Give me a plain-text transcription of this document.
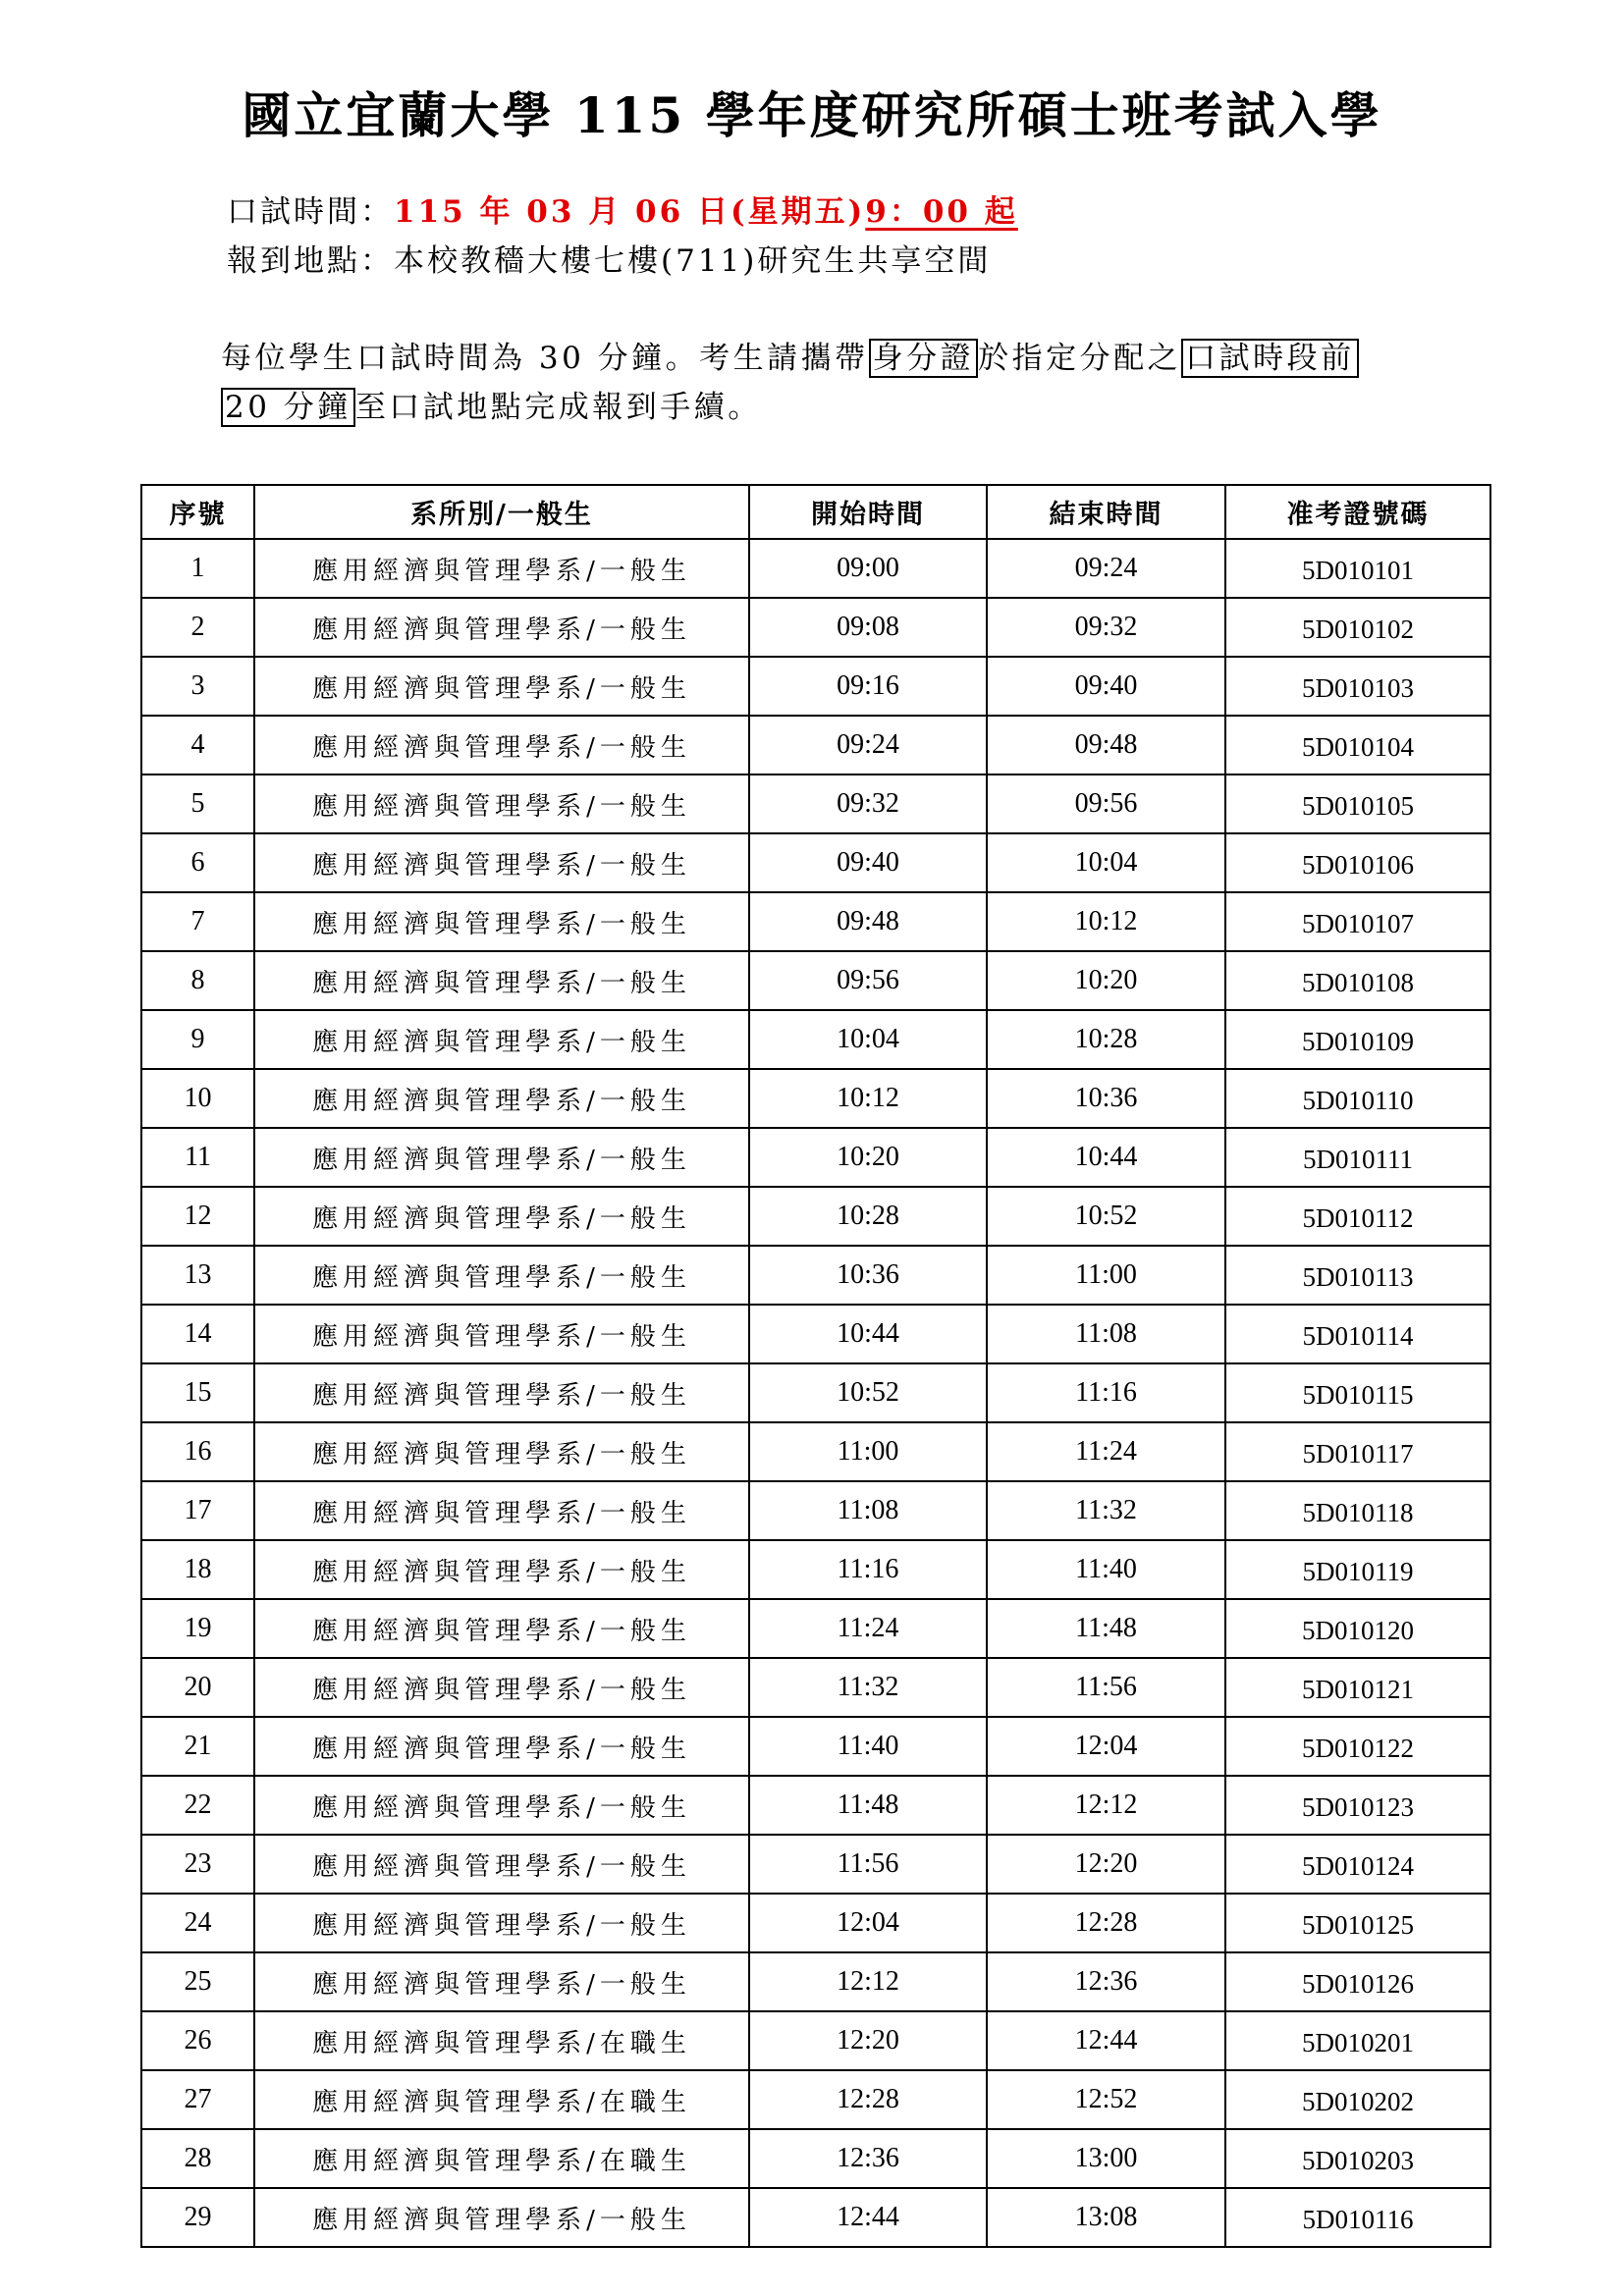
國立宜蘭大學 115 學年度研究所碩士班考試入學
口試時間：115 年 03 月 06 日(星期五)9：00 起
報到地點：本校教穡大樓七樓(711)研究生共享空間
每位學生口試時間為 30 分鐘。考生請攜帶 身分證 於指定分配之 口試時段前
20 分鐘 至口試地點完成報到手續。
序號	系所別/一般生	開始時間	結束時間	准考證號碼
1	應用經濟與管理學系/一般生	09:00	09:24	5D010101
2	應用經濟與管理學系/一般生	09:08	09:32	5D010102
3	應用經濟與管理學系/一般生	09:16	09:40	5D010103
4	應用經濟與管理學系/一般生	09:24	09:48	5D010104
5	應用經濟與管理學系/一般生	09:32	09:56	5D010105
6	應用經濟與管理學系/一般生	09:40	10:04	5D010106
7	應用經濟與管理學系/一般生	09:48	10:12	5D010107
8	應用經濟與管理學系/一般生	09:56	10:20	5D010108
9	應用經濟與管理學系/一般生	10:04	10:28	5D010109
10	應用經濟與管理學系/一般生	10:12	10:36	5D010110
11	應用經濟與管理學系/一般生	10:20	10:44	5D010111
12	應用經濟與管理學系/一般生	10:28	10:52	5D010112
13	應用經濟與管理學系/一般生	10:36	11:00	5D010113
14	應用經濟與管理學系/一般生	10:44	11:08	5D010114
15	應用經濟與管理學系/一般生	10:52	11:16	5D010115
16	應用經濟與管理學系/一般生	11:00	11:24	5D010117
17	應用經濟與管理學系/一般生	11:08	11:32	5D010118
18	應用經濟與管理學系/一般生	11:16	11:40	5D010119
19	應用經濟與管理學系/一般生	11:24	11:48	5D010120
20	應用經濟與管理學系/一般生	11:32	11:56	5D010121
21	應用經濟與管理學系/一般生	11:40	12:04	5D010122
22	應用經濟與管理學系/一般生	11:48	12:12	5D010123
23	應用經濟與管理學系/一般生	11:56	12:20	5D010124
24	應用經濟與管理學系/一般生	12:04	12:28	5D010125
25	應用經濟與管理學系/一般生	12:12	12:36	5D010126
26	應用經濟與管理學系/在職生	12:20	12:44	5D010201
27	應用經濟與管理學系/在職生	12:28	12:52	5D010202
28	應用經濟與管理學系/在職生	12:36	13:00	5D010203
29	應用經濟與管理學系/一般生	12:44	13:08	5D010116
